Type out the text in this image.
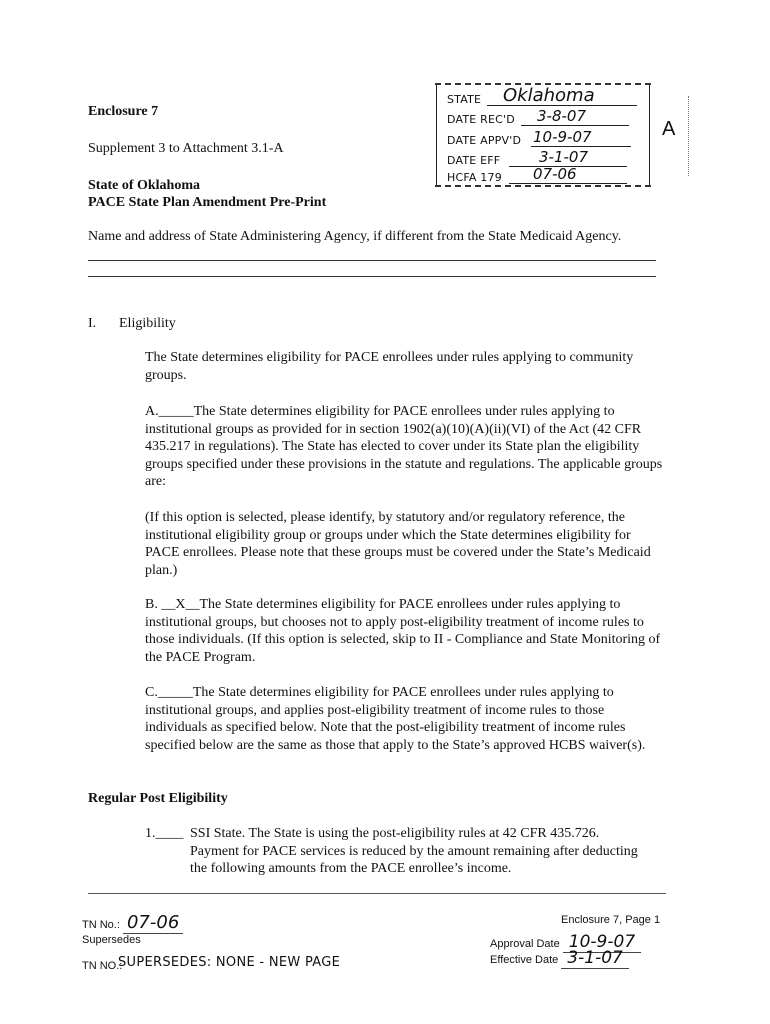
Enclosure 7
Supplement 3 to Attachment 3.1-A
State of Oklahoma
PACE State Plan Amendment Pre-Print
STATE Oklahoma
DATE REC'D 3-8-07
DATE APPV'D 10-9-07
DATE EFF	3-1-07
HCFA 179 07-06
A
Name and address of State Administering Agency, if different from the State Medicaid Agency.
I. Eligibility
The State determines eligibility for PACE enrollees under rules applying to community groups.
A._____The State determines eligibility for PACE enrollees under rules applying to institutional groups as provided for in section 1902(a)(10)(A)(ii)(VI) of the Act (42 CFR 435.217 in regulations). The State has elected to cover under its State plan the eligibility groups specified under these provisions in the statute and regulations. The applicable groups are:
(If this option is selected, please identify, by statutory and/or regulatory reference, the institutional eligibility group or groups under which the State determines eligibility for PACE enrollees. Please note that these groups must be covered under the State’s Medicaid plan.)
B. __X__The State determines eligibility for PACE enrollees under rules applying to institutional groups, but chooses not to apply post-eligibility treatment of income rules to those individuals. (If this option is selected, skip to II - Compliance and State Monitoring of the PACE Program.
C._____The State determines eligibility for PACE enrollees under rules applying to institutional groups, and applies post-eligibility treatment of income rules to those individuals as specified below. Note that the post-eligibility treatment of income rules specified below are the same as those that apply to the State’s approved HCBS waiver(s).
Regular Post Eligibility
1.____ SSI State. The State is using the post-eligibility rules at 42 CFR 435.726. Payment for PACE services is reduced by the amount remaining after deducting the following amounts from the PACE enrollee’s income.
TN No.: 07-06
Supersedes
TN NO.:
SUPERSEDES: NONE - NEW PAGE
Enclosure 7, Page 1
Approval Date 10-9-07
Effective Date 3-1-07
